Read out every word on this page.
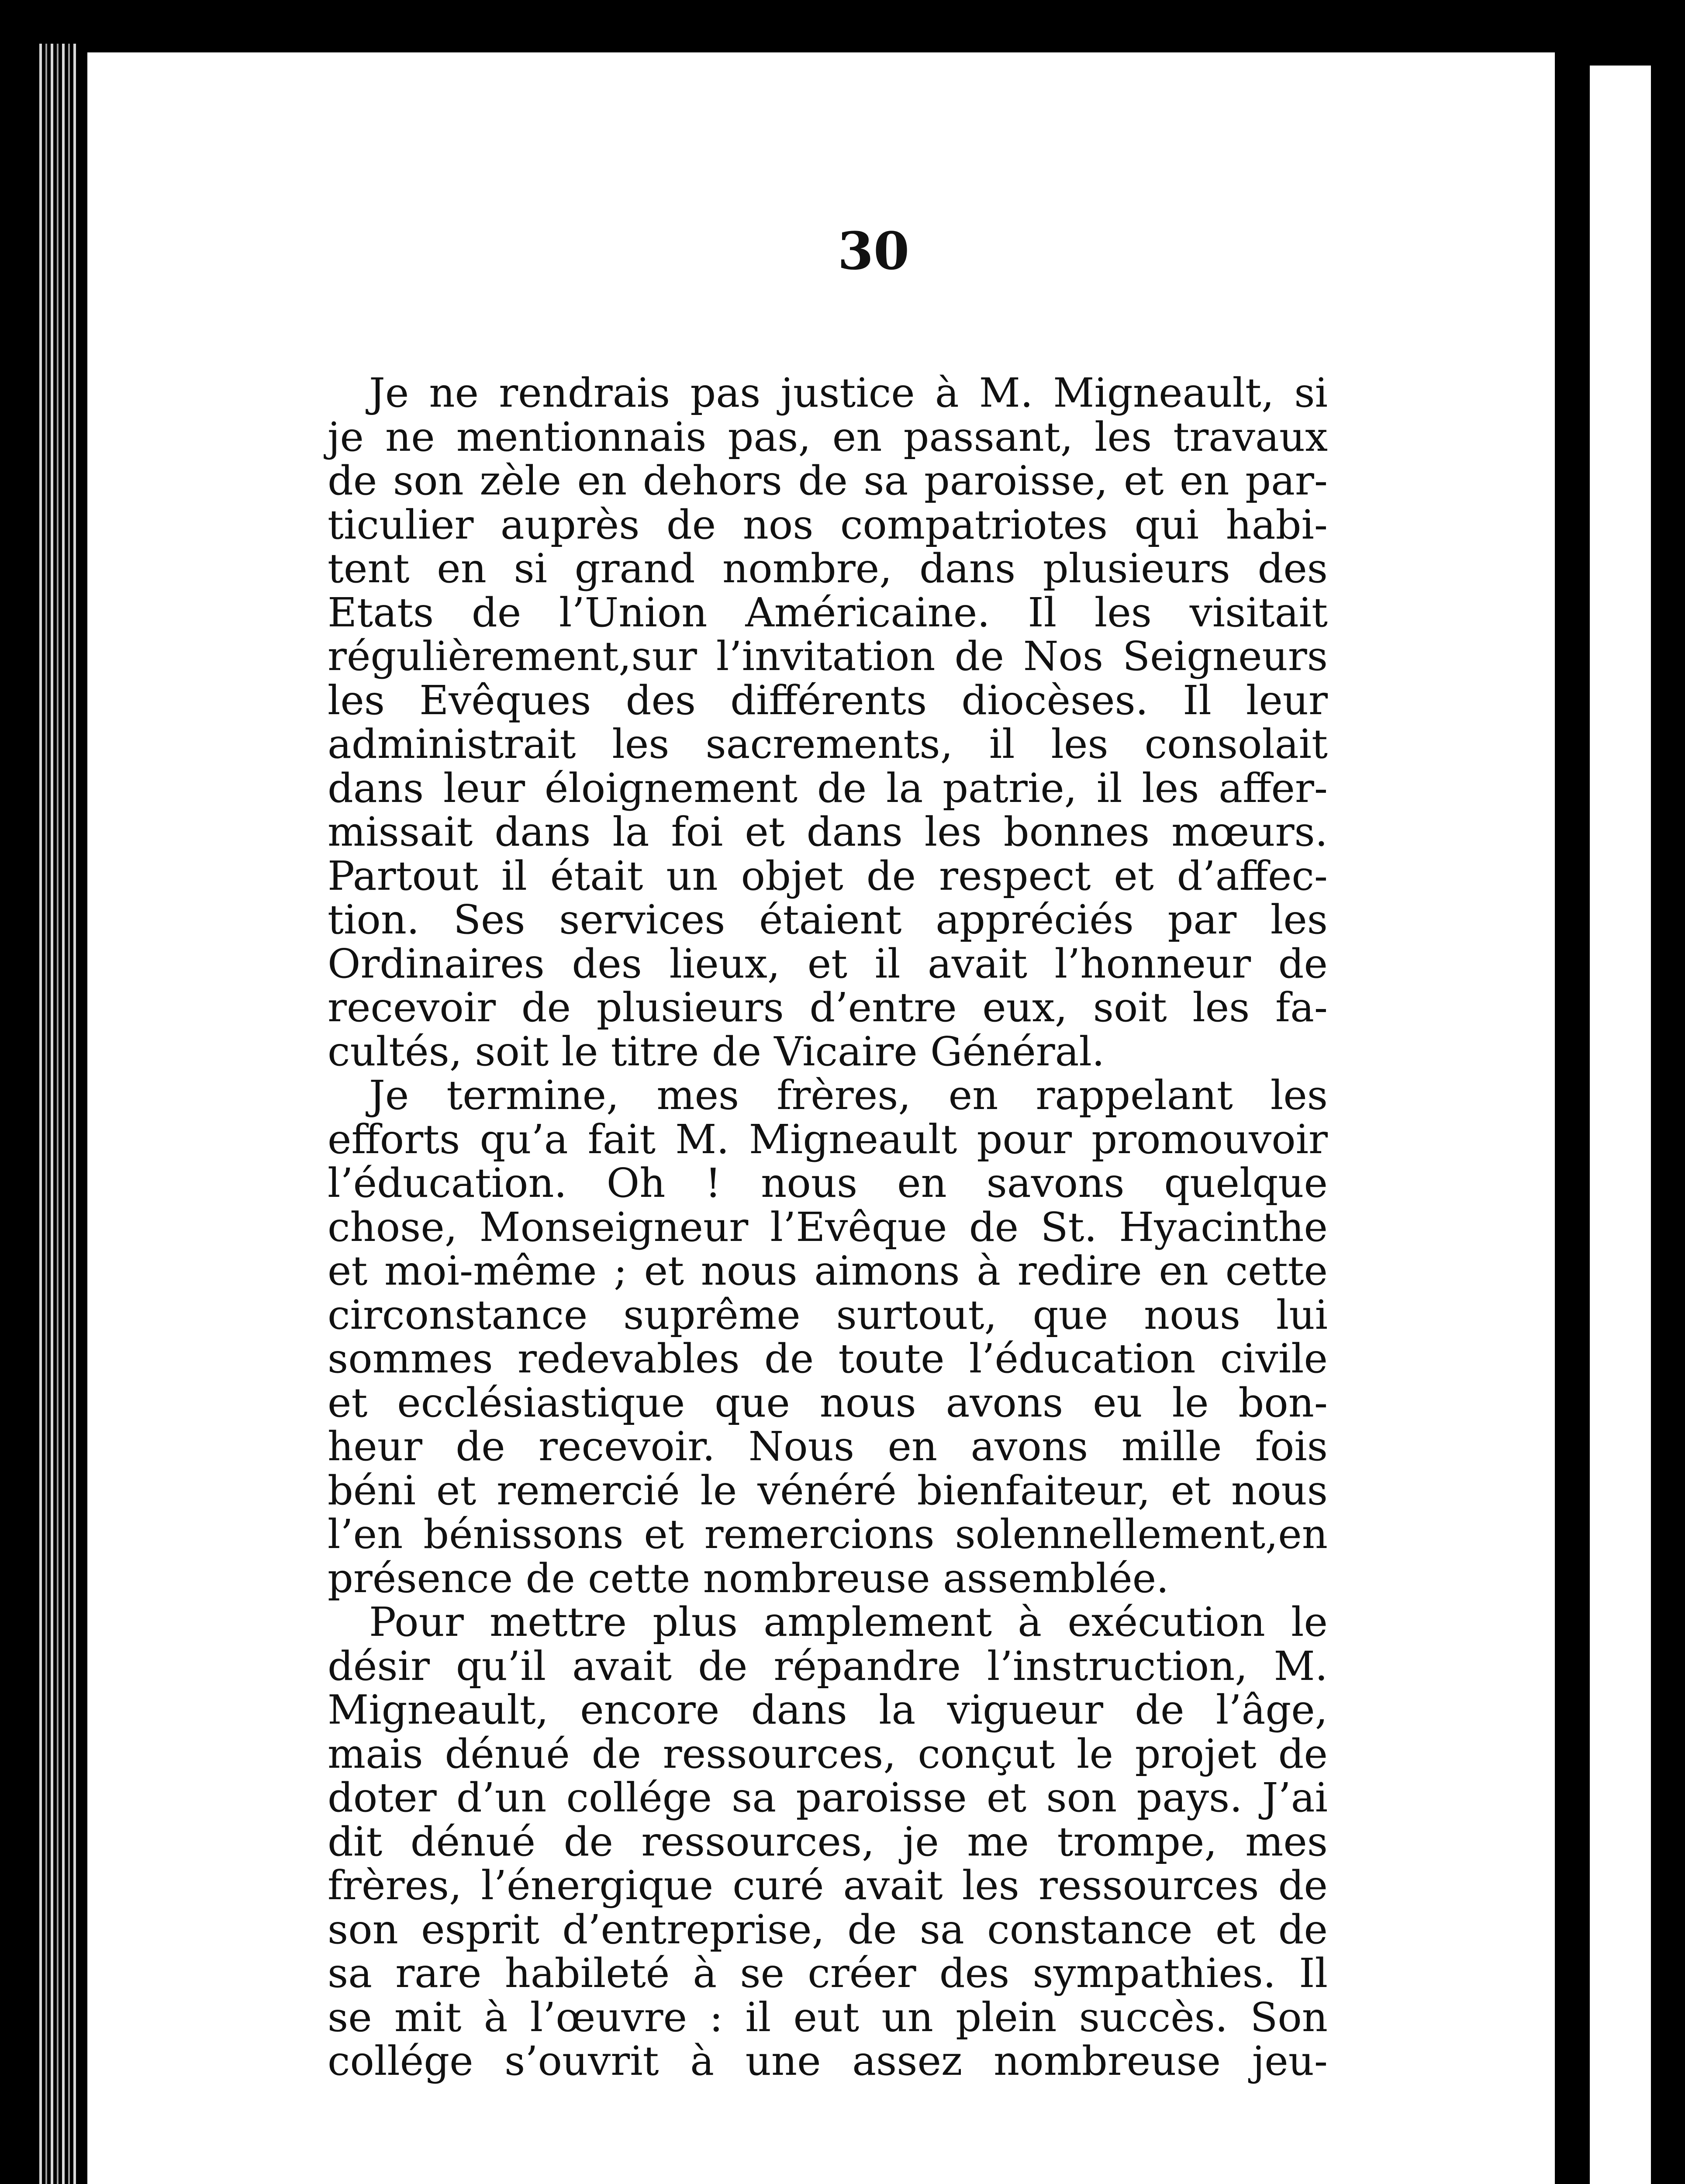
30
Je ne rendrais pas justice à M. Migneault, si
je ne mentionnais pas, en passant, les travaux
de son zèle en dehors de sa paroisse, et en par-
ticulier auprès de nos compatriotes qui habi-
tent en si grand nombre, dans plusieurs des
Etats de l’Union Américaine. Il les visitait
régulièrement,sur l’invitation de Nos Seigneurs
les Evêques des différents diocèses. Il leur
administrait les sacrements, il les consolait
dans leur éloignement de la patrie, il les affer-
missait dans la foi et dans les bonnes mœurs.
Partout il était un objet de respect et d’affec-
tion. Ses services étaient appréciés par les
Ordinaires des lieux, et il avait l’honneur de
recevoir de plusieurs d’entre eux, soit les fa-
cultés, soit le titre de Vicaire Général.
Je termine, mes frères, en rappelant les
efforts qu’a fait M. Migneault pour promouvoir
l’éducation. Oh ! nous en savons quelque
chose, Monseigneur l’Evêque de St. Hyacinthe
et moi-même ; et nous aimons à redire en cette
circonstance suprême surtout, que nous lui
sommes redevables de toute l’éducation civile
et ecclésiastique que nous avons eu le bon-
heur de recevoir. Nous en avons mille fois
béni et remercié le vénéré bienfaiteur, et nous
l’en bénissons et remercions solennellement,en
présence de cette nombreuse assemblée.
Pour mettre plus amplement à exécution le
désir qu’il avait de répandre l’instruction, M.
Migneault, encore dans la vigueur de l’âge,
mais dénué de ressources, conçut le projet de
doter d’un collége sa paroisse et son pays. J’ai
dit dénué de ressources, je me trompe, mes
frères, l’énergique curé avait les ressources de
son esprit d’entreprise, de sa constance et de
sa rare habileté à se créer des sympathies. Il
se mit à l’œuvre : il eut un plein succès. Son
collége s’ouvrit à une assez nombreuse jeu-
